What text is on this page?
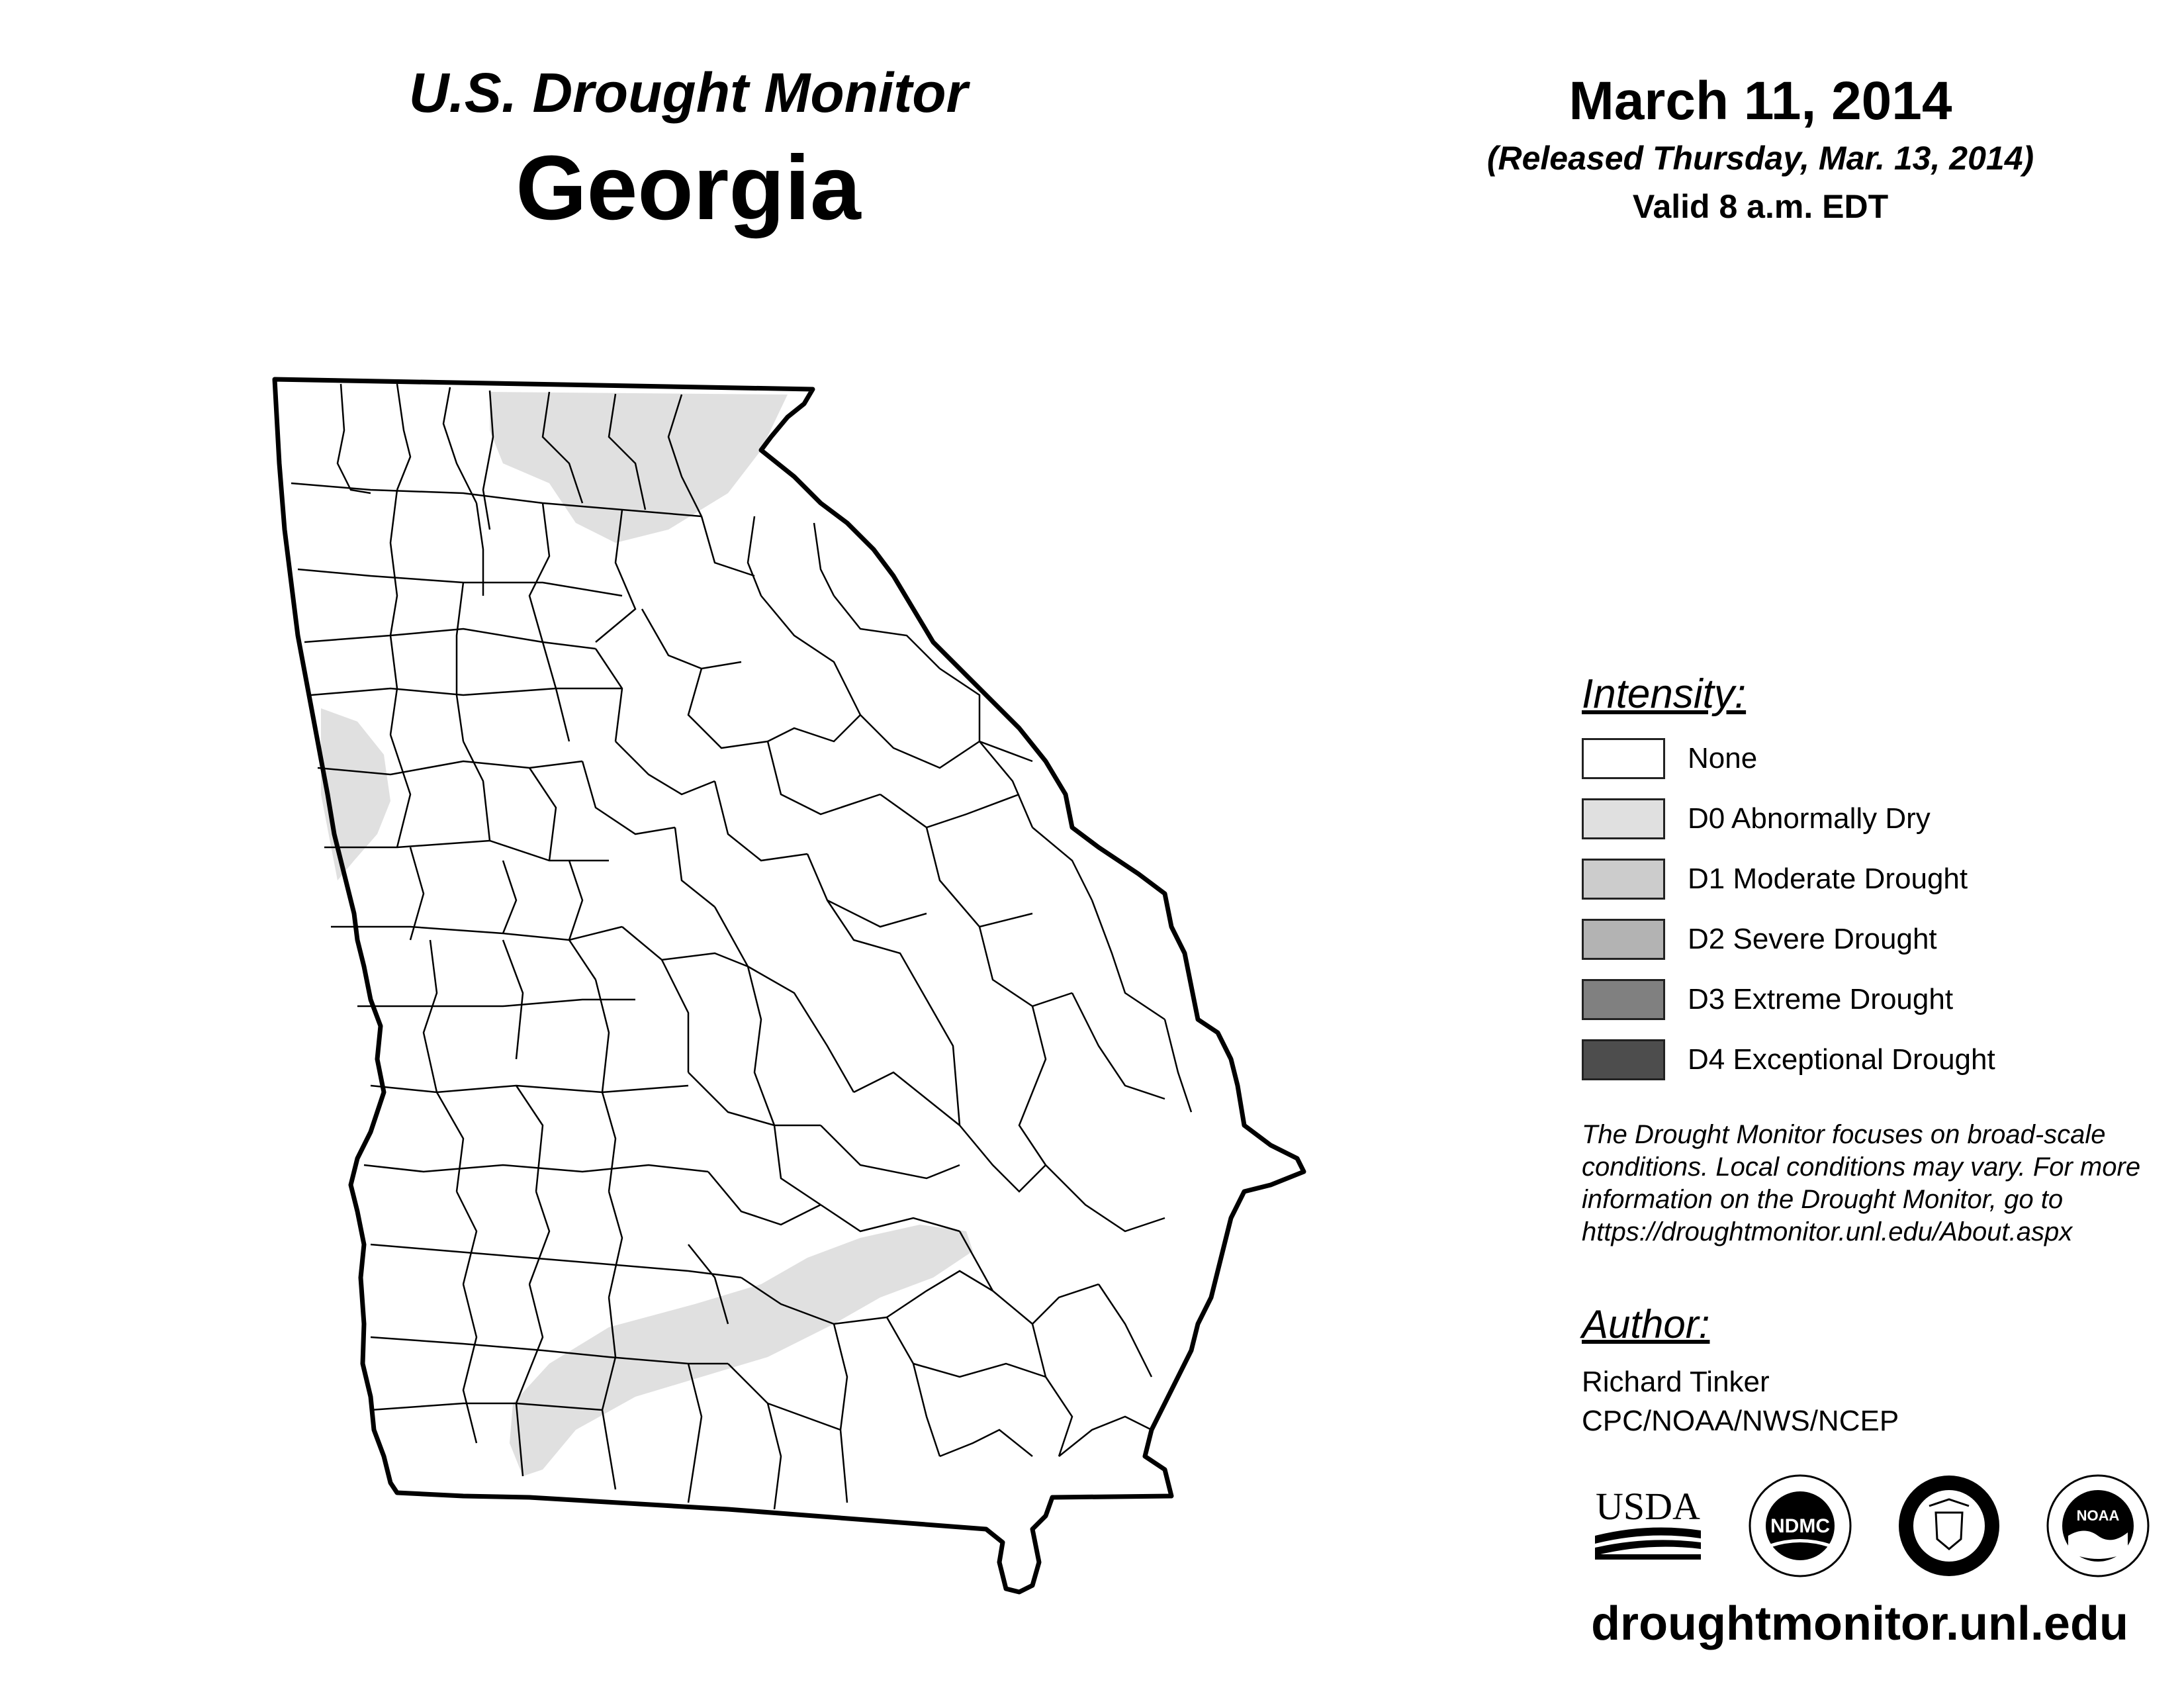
U.S. Drought Monitor
Georgia
March 11, 2014
(Released Thursday, Mar. 13, 2014)
Valid 8 a.m. EDT
Intensity:
None
D0 Abnormally Dry
D1 Moderate Drought
D2 Severe Drought
D3 Extreme Drought
D4 Exceptional Drought
The Drought Monitor focuses on broad-scale conditions. Local conditions may vary. For more information on the Drought Monitor, go to https://droughtmonitor.unl.edu/About.aspx
Author:
Richard Tinker
CPC/NOAA/NWS/NCEP
USDA	NDMC	NOAA
droughtmonitor.unl.edu
